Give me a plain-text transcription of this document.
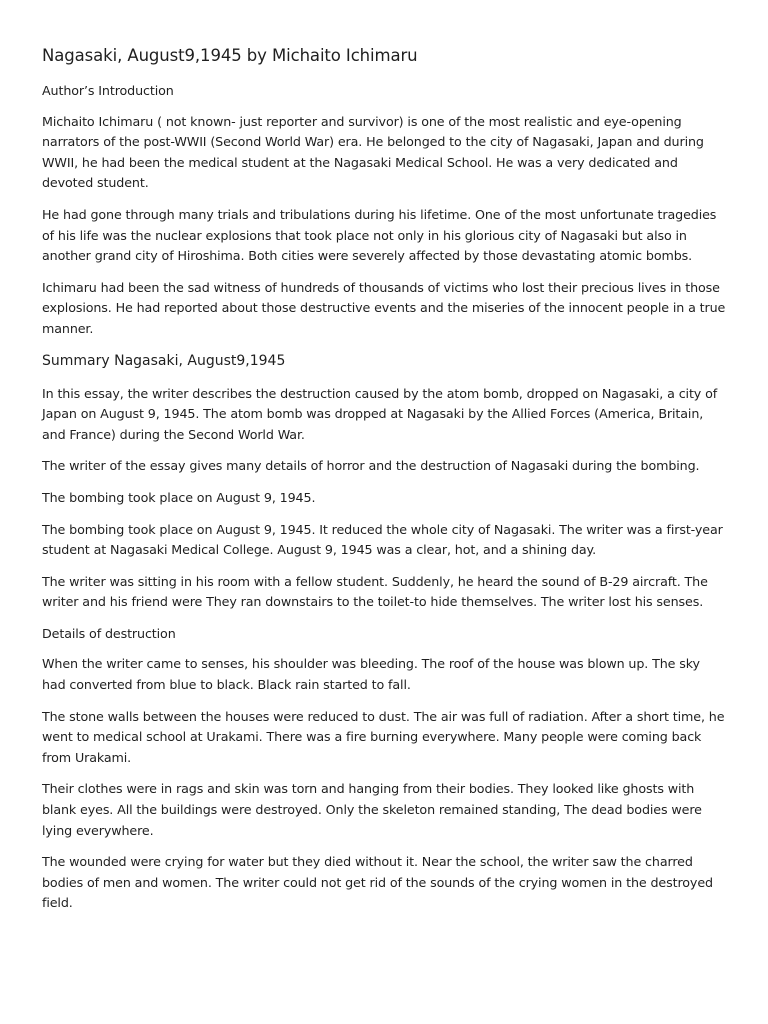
Nagasaki, August9,1945 by Michaito Ichimaru

Author’s Introduction

Michaito Ichimaru ( not known- just reporter and survivor) is one of the most realistic and eye-opening narrators of the post-WWII (Second World War) era. He belonged to the city of Nagasaki, Japan and during WWII, he had been the medical student at the Nagasaki Medical School. He was a very dedicated and devoted student.

He had gone through many trials and tribulations during his lifetime. One of the most unfortunate tragedies of his life was the nuclear explosions that took place not only in his glorious city of Nagasaki but also in another grand city of Hiroshima. Both cities were severely affected by those devastating atomic bombs.

Ichimaru had been the sad witness of hundreds of thousands of victims who lost their precious lives in those explosions. He had reported about those destructive events and the miseries of the innocent people in a true manner.

Summary Nagasaki, August9,1945

In this essay, the writer describes the destruction caused by the atom bomb, dropped on Nagasaki, a city of Japan on August 9, 1945. The atom bomb was dropped at Nagasaki by the Allied Forces (America, Britain, and France) during the Second World War.

The writer of the essay gives many details of horror and the destruction of Nagasaki during the bombing.

The bombing took place on August 9, 1945.

The bombing took place on August 9, 1945. It reduced the whole city of Nagasaki. The writer was a first-year student at Nagasaki Medical College. August 9, 1945 was a clear, hot, and a shining day.

The writer was sitting in his room with a fellow student. Suddenly, he heard the sound of B-29 aircraft. The writer and his friend were They ran downstairs to the toilet-to hide themselves. The writer lost his senses.

Details of destruction

When the writer came to senses, his shoulder was bleeding. The roof of the house was blown up. The sky had converted from blue to black. Black rain started to fall.

The stone walls between the houses were reduced to dust. The air was full of radiation. After a short time, he went to medical school at Urakami. There was a fire burning everywhere. Many people were coming back from Urakami.

Their clothes were in rags and skin was torn and hanging from their bodies. They looked like ghosts with blank eyes. All the buildings were destroyed. Only the skeleton remained standing, The dead bodies were lying everywhere.

The wounded were crying for water but they died without it. Near the school, the writer saw the charred bodies of men and women. The writer could not get rid of the sounds of the crying women in the destroyed field.
